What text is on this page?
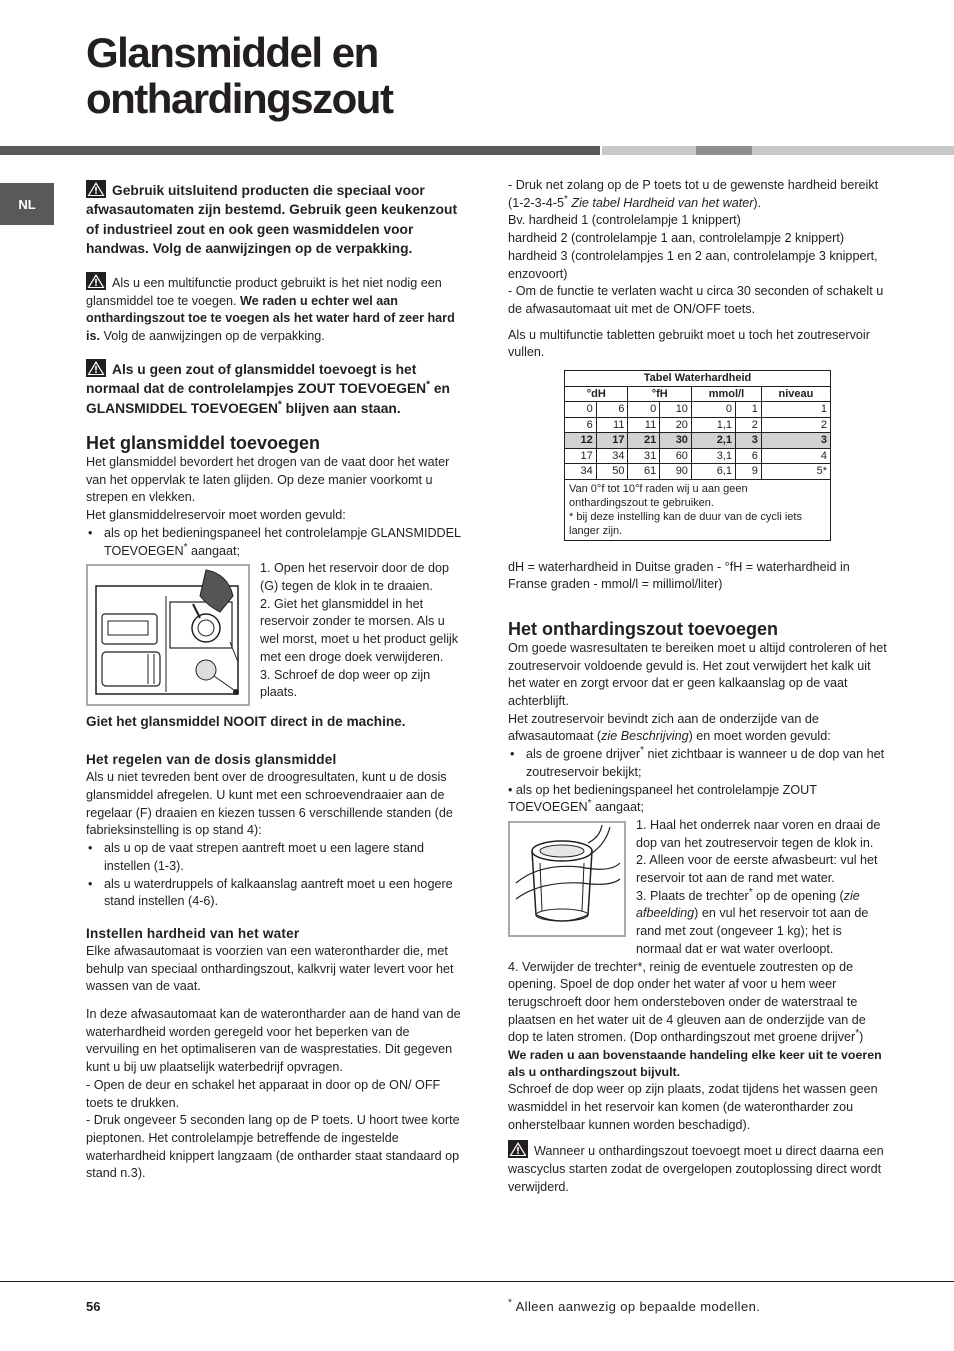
Glansmiddel en
onthardingszout
NL

Gebruik uitsluitend producten die speciaal voor afwasautomaten zijn bestemd. Gebruik geen keukenzout of industrieel zout en ook geen wasmiddelen voor handwas. Volg de aanwijzingen op de verpakking.

Als u een multifunctie product gebruikt is het niet nodig een glansmiddel toe te voegen. We raden u echter wel aan onthardingszout toe te voegen als het water hard of zeer hard is. Volg de aanwijzingen op de verpakking.

Als u geen zout of glansmiddel toevoegt is het normaal dat de controlelampjes ZOUT TOEVOEGEN* en GLANSMIDDEL TOEVOEGEN* blijven aan staan.

Het glansmiddel toevoegen

Het glansmiddel bevordert het drogen van de vaat door het water van het oppervlak te laten glijden. Op deze manier voorkomt u strepen en vlekken.

Het glansmiddelreservoir moet worden gevuld:

• als op het bedieningspaneel het controlelampje GLANSMIDDEL TOEVOEGEN* aangaat;

1. Open het reservoir door de dop (G) tegen de klok in te draaien.

2. Giet het glansmiddel in het reservoir zonder te morsen. Als u wel morst, moet u het product gelijk met een droge doek verwijderen.

3. Schroef de dop weer op zijn plaats.

Giet het glansmiddel NOOIT direct in de machine.

Het regelen van de dosis glansmiddel

Als u niet tevreden bent over de droogresultaten, kunt u de dosis glansmiddel afregelen. U kunt met een schroevendraaier aan de regelaar (F) draaien en kiezen tussen 6 verschillende standen (de fabrieksinstelling is op stand 4):

• als u op de vaat strepen aantreft moet u een lagere stand instellen (1-3).
• als u waterdruppels of kalkaanslag aantreft moet u een hogere stand instellen (4-6).
Instellen hardheid van het water

Elke afwasautomaat is voorzien van een waterontharder die, met behulp van speciaal onthardingszout, kalkvrij water levert voor het wassen van de vaat.

In deze afwasautomaat kan de waterontharder aan de hand van de waterhardheid worden geregeld voor het beperken van de vervuiling en het optimaliseren van de wasprestaties. Dit gegeven kunt u bij uw plaatselijk waterbedrijf opvragen.

- Open de deur en schakel het apparaat in door op de ON/ OFF toets te drukken.

- Druk ongeveer 5 seconden lang op de P toets. U hoort twee korte pieptonen. Het controlelampje betreffende de ingestelde waterhardheid knippert langzaam (de ontharder staat standaard op stand n.3).

- Druk net zolang op de P toets tot u de gewenste hardheid bereikt (1-2-3-4-5* Zie tabel Hardheid van het water).

Bv. hardheid 1 (controlelampje 1 knippert)

hardheid 2 (controlelampje 1 aan, controlelampje 2 knippert)

hardheid 3 (controlelampjes 1 en 2 aan, controlelampje 3 knippert, enzovoort)

- Om de functie te verlaten wacht u circa 30 seconden of schakelt u de afwasautomaat uit met de ON/OFF toets.

Als u multifunctie tabletten gebruikt moet u toch het zoutreservoir vullen.

Tabel Waterhardheid						
°dH		°fH		mmol/l		niveau
0	6	0	10	0	1	1
6	11	11	20	1,1	2	2
12	17	21	30	2,1	3	3
17	34	31	60	3,1	6	4
34	50	61	90	6,1	9	5*

Van 0°f tot 10°f raden wij u aan geen onthardingszout te gebruiken.
* bij deze instelling kan de duur van de cycli iets langer zijn.						

dH = waterhardheid in Duitse graden - °fH = waterhardheid in Franse graden - mmol/l = millimol/liter)

Het onthardingszout toevoegen

Om goede wasresultaten te bereiken moet u altijd controleren of het zoutreservoir voldoende gevuld is. Het zout verwijdert het kalk uit het water en zorgt ervoor dat er geen kalkaanslag op de vaat achterblijft.

Het zoutreservoir bevindt zich aan de onderzijde van de afwasautomaat (zie Beschrijving) en moet worden gevuld:

• als de groene drijver* niet zichtbaar is wanneer u de dop van het zoutreservoir bekijkt;

• als op het bedieningspaneel het controlelampje ZOUT TOEVOEGEN* aangaat;

1. Haal het onderrek naar voren en draai de dop van het zoutreservoir tegen de klok in.

2. Alleen voor de eerste afwasbeurt: vul het reservoir tot aan de rand met water.

3. Plaats de trechter* op de opening (zie afbeelding) en vul het reservoir tot aan de rand met zout (ongeveer 1 kg); het is normaal dat er wat water overloopt.

4. Verwijder de trechter*, reinig de eventuele zoutresten op de opening. Spoel de dop onder het water af voor u hem weer terugschroeft door hem ondersteboven onder de waterstraal te plaatsen en het water uit de 4 gleuven aan de onderzijde van de dop te laten stromen. (Dop onthardingszout met groene drijver*)

We raden u aan bovenstaande handeling elke keer uit te voeren als u onthardingszout bijvult.

Schroef de dop weer op zijn plaats, zodat tijdens het wassen geen wasmiddel in het reservoir kan komen (de waterontharder zou onherstelbaar kunnen worden beschadigd).

Wanneer u onthardingszout toevoegt moet u direct daarna een wascyclus starten zodat de overgelopen zoutoplossing direct wordt verwijderd.

56	* Alleen aanwezig op bepaalde modellen.
